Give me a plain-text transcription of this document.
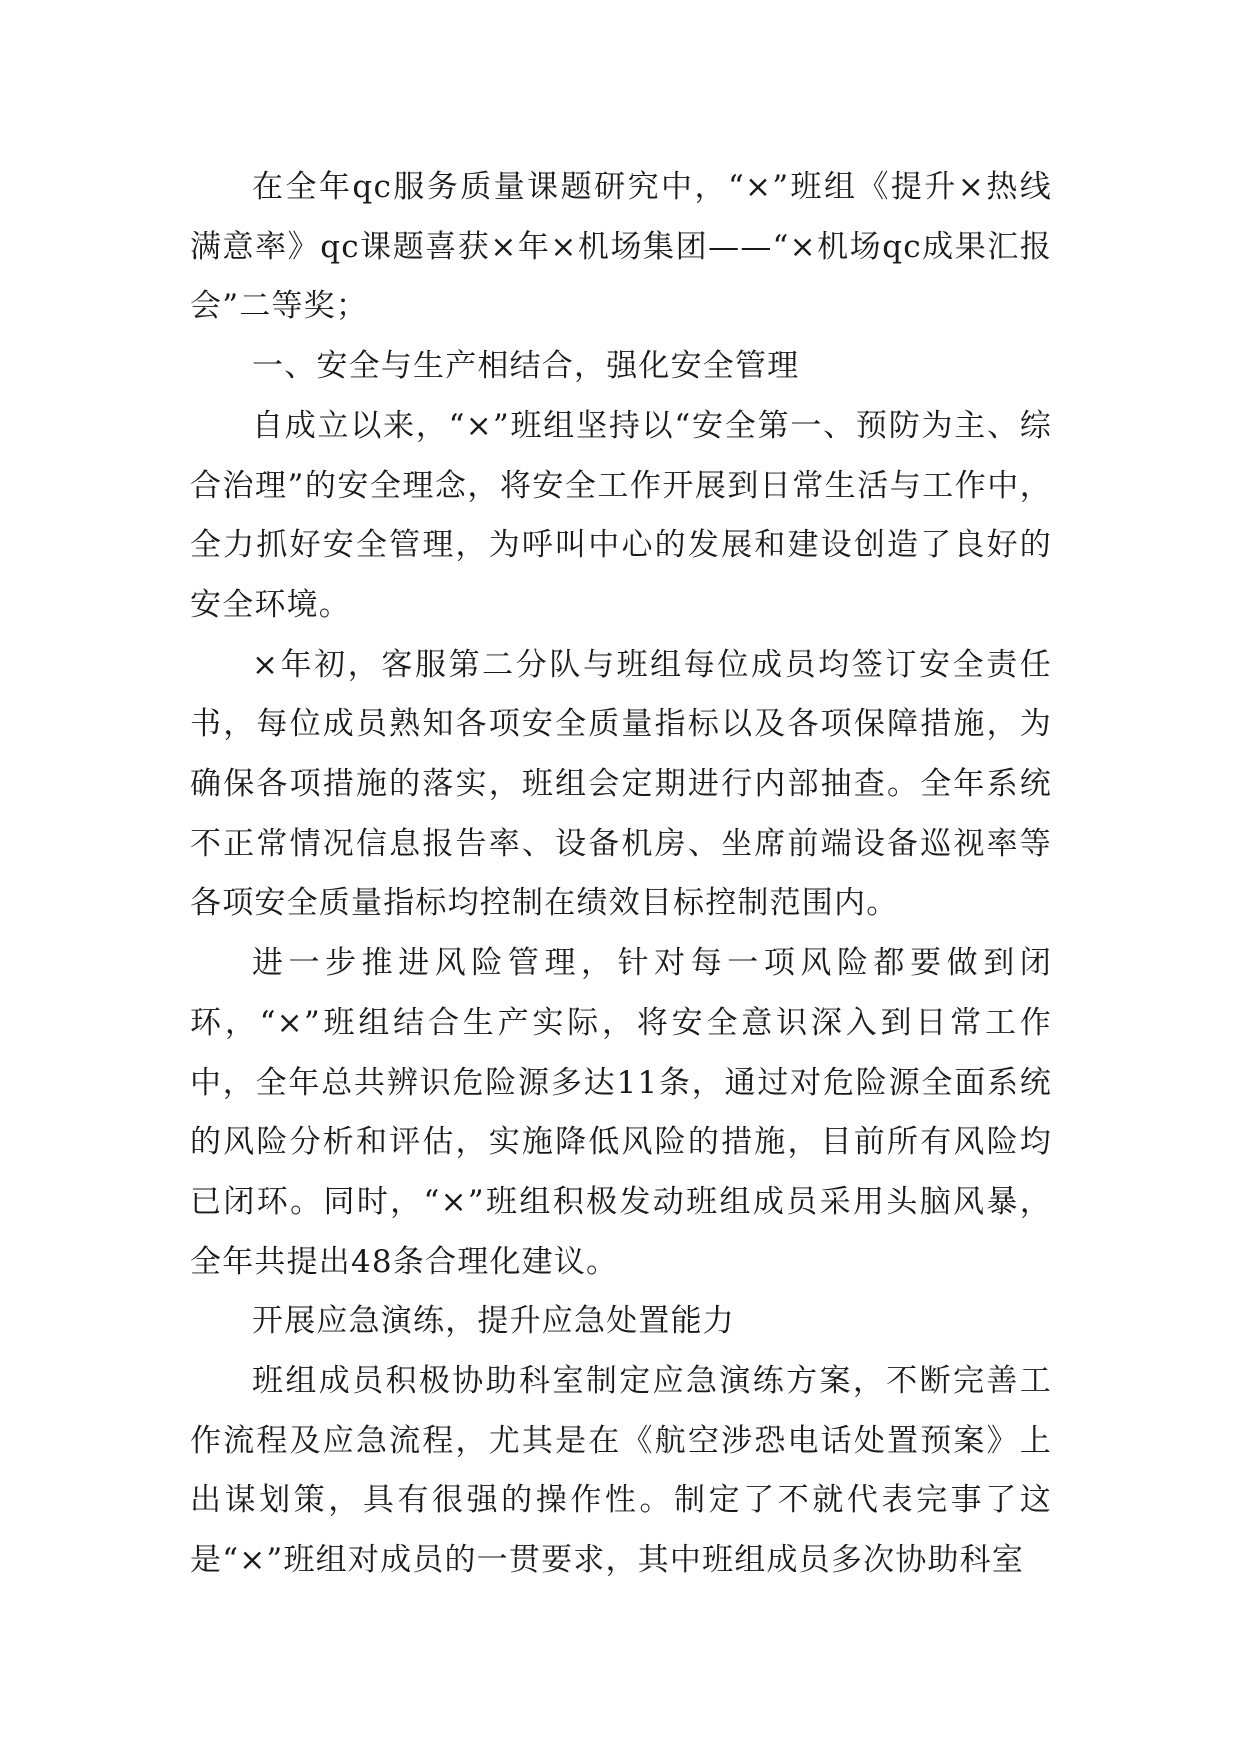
在全年qc服务质量课题研究中，“×”班组《提升×热线满意率》qc课题喜获×年×机场集团——“×机场qc成果汇报会”二等奖；

一、安全与生产相结合，强化安全管理

自成立以来，“×”班组坚持以“安全第一、预防为主、综合治理”的安全理念，将安全工作开展到日常生活与工作中，全力抓好安全管理，为呼叫中心的发展和建设创造了良好的安全环境。

×年初，客服第二分队与班组每位成员均签订安全责任书，每位成员熟知各项安全质量指标以及各项保障措施，为确保各项措施的落实，班组会定期进行内部抽查。全年系统不正常情况信息报告率、设备机房、坐席前端设备巡视率等各项安全质量指标均控制在绩效目标控制范围内。

进一步推进风险管理，针对每一项风险都要做到闭环，“×”班组结合生产实际，将安全意识深入到日常工作中，全年总共辨识危险源多达11条，通过对危险源全面系统的风险分析和评估，实施降低风险的措施，目前所有风险均已闭环。同时，“×”班组积极发动班组成员采用头脑风暴，全年共提出48条合理化建议。

开展应急演练，提升应急处置能力

班组成员积极协助科室制定应急演练方案，不断完善工作流程及应急流程，尤其是在《航空涉恐电话处置预案》上出谋划策，具有很强的操作性。制定了不就代表完事了这是“×”班组对成员的一贯要求，其中班组成员多次协助科室
